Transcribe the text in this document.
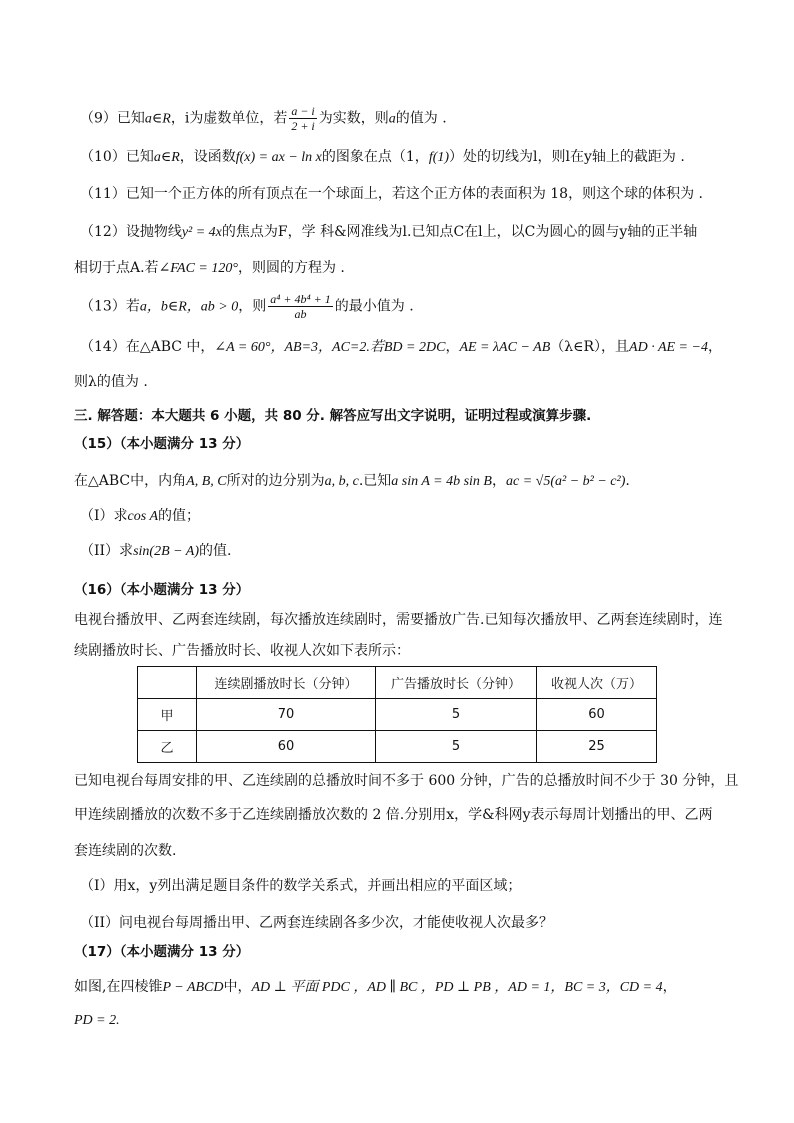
（9）已知a∈R，i为虚数单位，若 $\frac{a - i}{2 + i}$ 为实数，则a的值为 .
（10）已知a∈R，设函数f(x) = ax − ln x的图象在点（1，f(1)）处的切线为l，则l在y轴上的截距为 .
（11）已知一个正方体的所有顶点在一个球面上，若这个正方体的表面积为 18，则这个球的体积为 .
（12）设抛物线y² = 4x的焦点为F，学 科&网准线为l.已知点C在l上，以C为圆心的圆与y轴的正半轴
相切于点A.若∠FAC = 120°，则圆的方程为 .
（13）若a，b∈R，ab > 0，则 $\frac{\text{a⁴ + 4b⁴ + 1}}{ab}$ 的最小值为 .
（14）在△ABC 中，∠A = 60°，AB=3，AC=2.若BD = 2DC，AE = λAC − AB（λ∈R），且AD · AE = −4，
则λ的值为 .
三. 解答题：本大题共 6 小题，共 80 分. 解答应写出文字说明，证明过程或演算步骤.
（15）（本小题满分 13 分）
在△ABC中，内角A, B, C所对的边分别为a, b, c.已知a sin A = 4b sin B，ac = √5(a² − b² − c²).
（I）求cos A的值；
（II）求sin(2B − A)的值.
（16）（本小题满分 13 分）
电视台播放甲、乙两套连续剧，每次播放连续剧时，需要播放广告.已知每次播放甲、乙两套连续剧时，连
续剧播放时长、广告播放时长、收视人次如下表所示：
	连续剧播放时长（分钟）	广告播放时长（分钟）	收视人次（万）
甲	70	5	60
乙	60	5	25
已知电视台每周安排的甲、乙连续剧的总播放时间不多于 600 分钟，广告的总播放时间不少于 30 分钟，且
甲连续剧播放的次数不多于乙连续剧播放次数的 2 倍.分别用x，学&科网y表示每周计划播出的甲、乙两
套连续剧的次数.
（I）用x，y列出满足题目条件的数学关系式，并画出相应的平面区域；
（II）问电视台每周播出甲、乙两套连续剧各多少次，才能使收视人次最多？
（17）（本小题满分 13 分）
如图,在四棱锥P − ABCD中，AD ⊥ 平面 PDC ，AD ∥ BC ，PD ⊥ PB ，AD = 1，BC = 3，CD = 4，
PD = 2.
